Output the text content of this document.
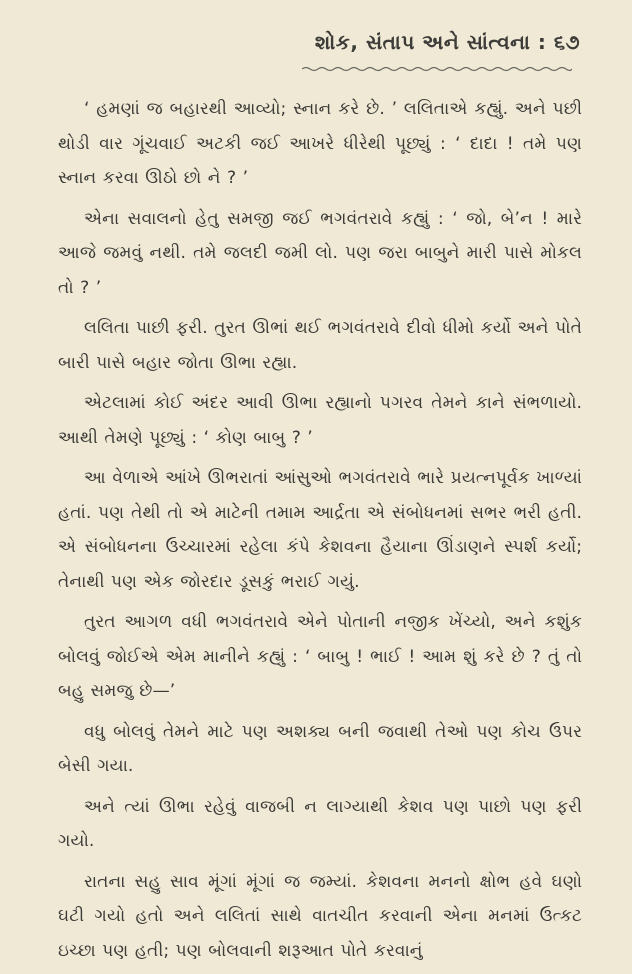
શોક, સંતાપ અને સાંત્વના : ૬૭

‘ હમણાં જ બહારથી આવ્યો; સ્નાન કરે છે. ’ લલિતાએ કહ્યું. અને પછી થોડી વાર ગૂંચવાઈ અટકી જઈ આખરે ધીરેથી પૂછ્યું : ‘ દાદા ! તમે પણ સ્નાન કરવા ઊઠો છો ને ? ’

એના સવાલનો હેતુ સમજી જઈ ભગવંતરાવે કહ્યું : ‘ જો, બે’ન ! મારે આજે જમવું નથી. તમે જલદી જમી લો. પણ જરા બાબુને મારી પાસે મોકલ તો ? ’

લલિતા પાછી ફરી. તુરત ઊભાં થઈ ભગવંતરાવે દીવો ધીમો કર્યો અને પોતે બારી પાસે બહાર જોતા ઊભા રહ્યા.

એટલામાં કોઈ અંદર આવી ઊભા રહ્યાનો પગરવ તેમને કાને સંભળાયો. આથી તેમણે પૂછ્યું : ‘ કોણ બાબુ ? ’

આ વેળાએ આંખે ઊભરાતાં આંસુઓ ભગવંતરાવે ભારે પ્રયત્નપૂર્વક ખાળ્યાં હતાં. પણ તેથી તો એ માટેની તમામ આર્દ્રતા એ સંબોધનમાં સભર ભરી હતી. એ સંબોધનના ઉચ્ચારમાં રહેલા કંપે કેશવના હૈયાના ઊંડાણને સ્પર્શ કર્યો; તેનાથી પણ એક જોરદાર ડૂસકું ભરાઈ ગયું.

તુરત આગળ વધી ભગવંતરાવે એને પોતાની નજીક ખેંચ્યો, અને કશુંક બોલવું જોઈએ એમ માનીને કહ્યું : ‘ બાબુ ! ભાઈ ! આમ શું કરે છે ? તું તો બહુ સમજુ છે—’

વધુ બોલવું તેમને માટે પણ અશક્ય બની જવાથી તેઓ પણ કોચ ઉપર બેસી ગયા.

અને ત્યાં ઊભા રહેવું વાજબી ન લાગ્યાથી કેશવ પણ પાછો પણ ફરી ગયો.

રાતના સહુ સાવ મૂંગાં મૂંગાં જ જમ્યાં. કેશવના મનનો ક્ષોભ હવે ઘણો ઘટી ગયો હતો અને લલિતાં સાથે વાતચીત કરવાની એના મનમાં ઉત્કટ ઇચ્છા પણ હતી; પણ બોલવાની શરૂઆત પોતે કરવાનું
